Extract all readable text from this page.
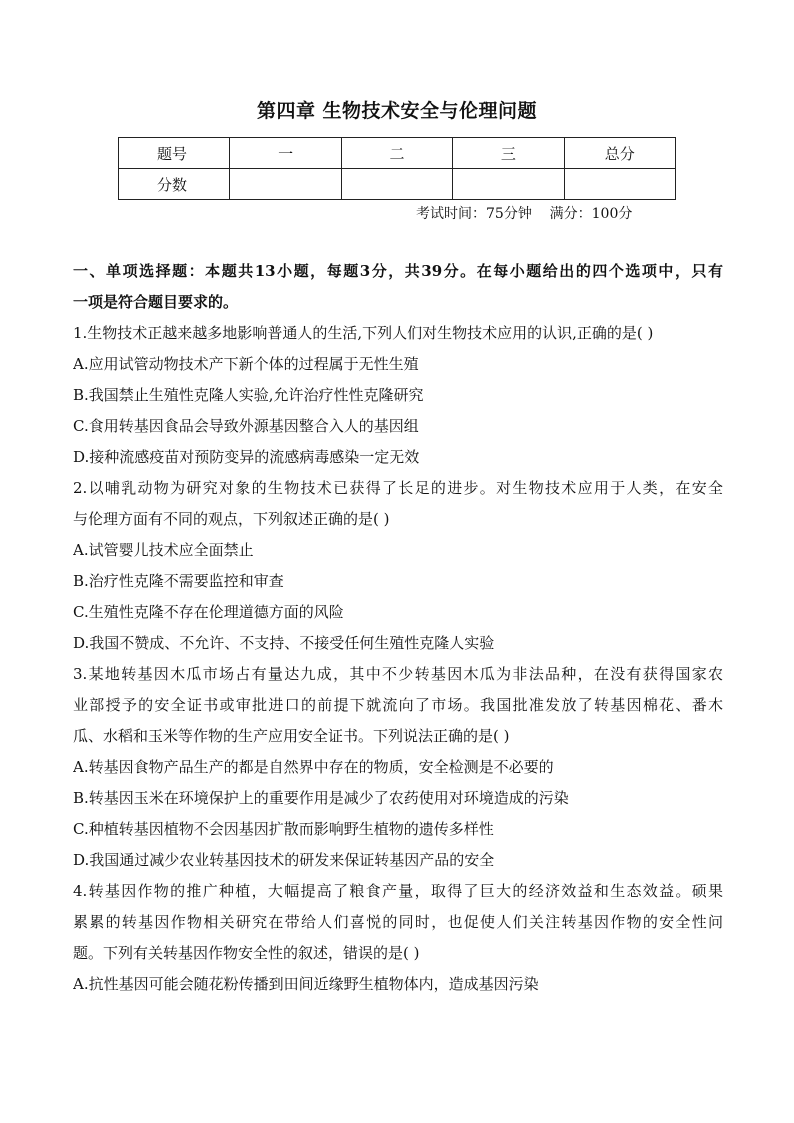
第四章 生物技术安全与伦理问题
题号	一	二	三	总分
分数				
考试时间：75分钟 满分：100分
一、单项选择题：本题共13小题，每题3分，共39分。在每小题给出的四个选项中，只有
一项是符合题目要求的。
1.生物技术正越来越多地影响普通人的生活,下列人们对生物技术应用的认识,正确的是( )
A.应用试管动物技术产下新个体的过程属于无性生殖
B.我国禁止生殖性克隆人实验,允许治疗性性克隆研究
C.食用转基因食品会导致外源基因整合入人的基因组
D.接种流感疫苗对预防变异的流感病毒感染一定无效
2.以哺乳动物为研究对象的生物技术已获得了长足的进步。对生物技术应用于人类，在安全
与伦理方面有不同的观点，下列叙述正确的是( )
A.试管婴儿技术应全面禁止
B.治疗性克隆不需要监控和审查
C.生殖性克隆不存在伦理道德方面的风险
D.我国不赞成、不允许、不支持、不接受任何生殖性克隆人实验
3.某地转基因木瓜市场占有量达九成，其中不少转基因木瓜为非法品种，在没有获得国家农
业部授予的安全证书或审批进口的前提下就流向了市场。我国批准发放了转基因棉花、番木
瓜、水稻和玉米等作物的生产应用安全证书。下列说法正确的是( )
A.转基因食物产品生产的都是自然界中存在的物质，安全检测是不必要的
B.转基因玉米在环境保护上的重要作用是减少了农药使用对环境造成的污染
C.种植转基因植物不会因基因扩散而影响野生植物的遗传多样性
D.我国通过减少农业转基因技术的研发来保证转基因产品的安全
4.转基因作物的推广种植，大幅提高了粮食产量，取得了巨大的经济效益和生态效益。硕果
累累的转基因作物相关研究在带给人们喜悦的同时，也促使人们关注转基因作物的安全性问
题。下列有关转基因作物安全性的叙述，错误的是( )
A.抗性基因可能会随花粉传播到田间近缘野生植物体内，造成基因污染
